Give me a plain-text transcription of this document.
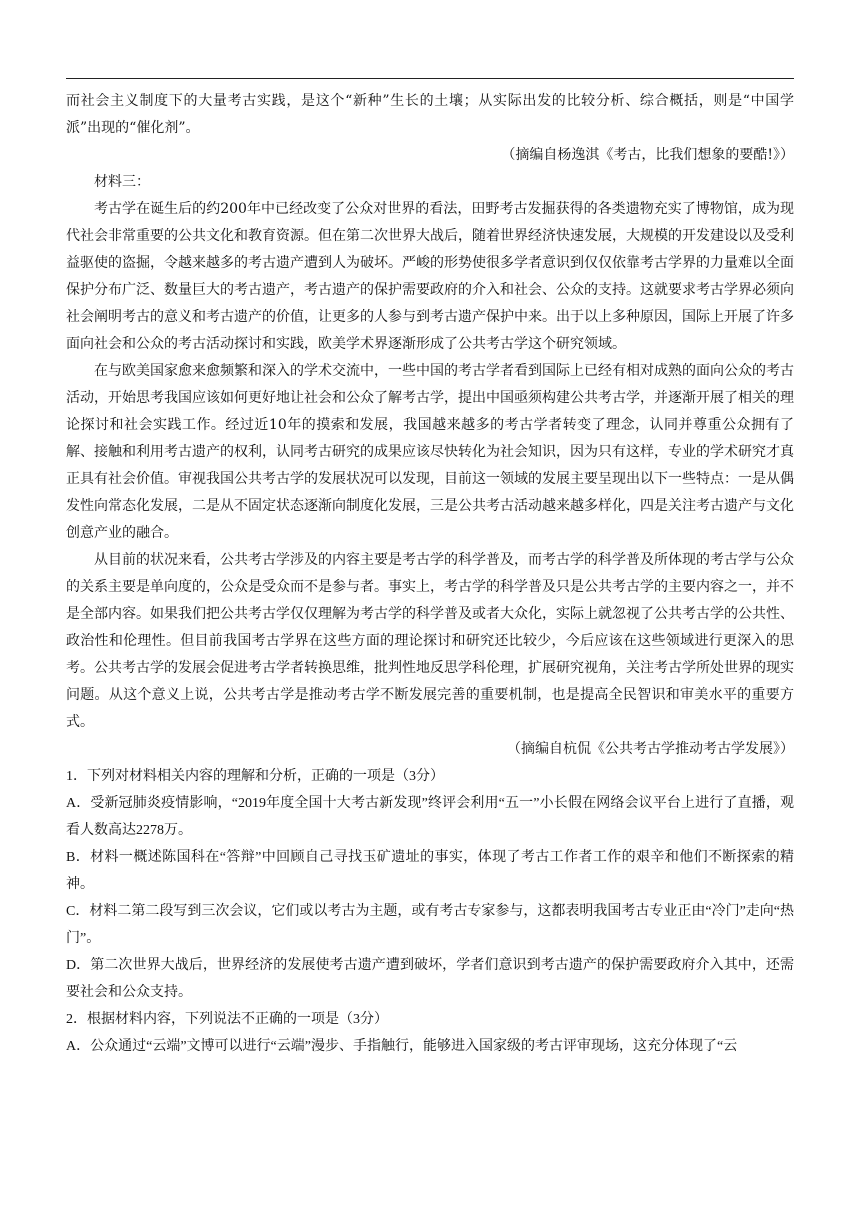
而社会主义制度下的大量考古实践，是这个“新种”生长的土壤；从实际出发的比较分析、综合概括，则是“中国学派”出现的“催化剂”。

（摘编自杨逸淇《考古，比我们想象的要酷!》）

材料三：

考古学在诞生后的约200年中已经改变了公众对世界的看法，田野考古发掘获得的各类遗物充实了博物馆，成为现代社会非常重要的公共文化和教育资源。但在第二次世界大战后，随着世界经济快速发展，大规模的开发建设以及受利益驱使的盗掘，令越来越多的考古遗产遭到人为破坏。严峻的形势使很多学者意识到仅仅依靠考古学界的力量难以全面保护分布广泛、数量巨大的考古遗产，考古遗产的保护需要政府的介入和社会、公众的支持。这就要求考古学界必须向社会阐明考古的意义和考古遗产的价值，让更多的人参与到考古遗产保护中来。出于以上多种原因，国际上开展了许多面向社会和公众的考古活动探讨和实践，欧美学术界逐渐形成了公共考古学这个研究领域。

在与欧美国家愈来愈频繁和深入的学术交流中，一些中国的考古学者看到国际上已经有相对成熟的面向公众的考古活动，开始思考我国应该如何更好地让社会和公众了解考古学，提出中国亟须构建公共考古学，并逐渐开展了相关的理论探讨和社会实践工作。经过近10年的摸索和发展，我国越来越多的考古学者转变了理念，认同并尊重公众拥有了解、接触和利用考古遗产的权利，认同考古研究的成果应该尽快转化为社会知识，因为只有这样，专业的学术研究才真正具有社会价值。审视我国公共考古学的发展状况可以发现，目前这一领域的发展主要呈现出以下一些特点：一是从偶发性向常态化发展，二是从不固定状态逐渐向制度化发展，三是公共考古活动越来越多样化，四是关注考古遗产与文化创意产业的融合。

从目前的状况来看，公共考古学涉及的内容主要是考古学的科学普及，而考古学的科学普及所体现的考古学与公众的关系主要是单向度的，公众是受众而不是参与者。事实上，考古学的科学普及只是公共考古学的主要内容之一，并不是全部内容。如果我们把公共考古学仅仅理解为考古学的科学普及或者大众化，实际上就忽视了公共考古学的公共性、政治性和伦理性。但目前我国考古学界在这些方面的理论探讨和研究还比较少，今后应该在这些领域进行更深入的思考。公共考古学的发展会促进考古学者转换思维，批判性地反思学科伦理，扩展研究视角，关注考古学所处世界的现实问题。从这个意义上说，公共考古学是推动考古学不断发展完善的重要机制，也是提高全民智识和审美水平的重要方式。

（摘编自杭侃《公共考古学推动考古学发展》）

1．下列对材料相关内容的理解和分析，正确的一项是（3分）

A．受新冠肺炎疫情影响，“2019年度全国十大考古新发现”终评会利用“五一”小长假在网络会议平台上进行了直播，观看人数高达2278万。

B．材料一概述陈国科在“答辩”中回顾自己寻找玉矿遗址的事实，体现了考古工作者工作的艰辛和他们不断探索的精神。

C．材料二第二段写到三次会议，它们或以考古为主题，或有考古专家参与，这都表明我国考古专业正由“冷门”走向“热门”。

D．第二次世界大战后，世界经济的发展使考古遗产遭到破坏，学者们意识到考古遗产的保护需要政府介入其中，还需要社会和公众支持。

2．根据材料内容，下列说法不正确的一项是（3分）

A．公众通过“云端”文博可以进行“云端”漫步、手指触行，能够进入国家级的考古评审现场，这充分体现了“云
